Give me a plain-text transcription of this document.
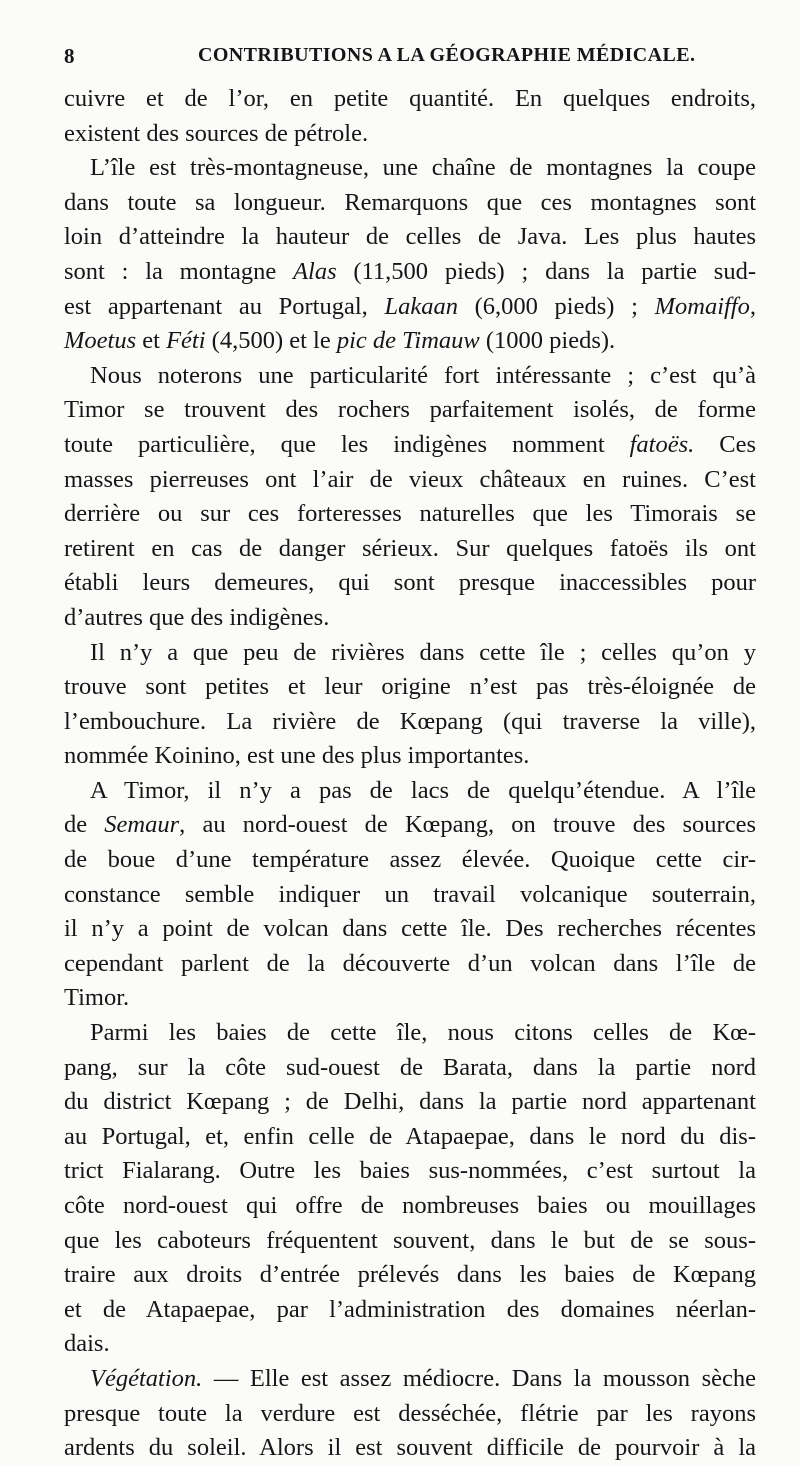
8	CONTRIBUTIONS A LA GÉOGRAPHIE MÉDICALE.
cuivre et de l’or, en petite quantité. En quelques endroits,
existent des sources de pétrole.
L’île est très-montagneuse, une chaîne de montagnes la coupe
dans toute sa longueur. Remarquons que ces montagnes sont
loin d’atteindre la hauteur de celles de Java. Les plus hautes
sont : la montagne Alas (11,500 pieds) ; dans la partie sud-
est appartenant au Portugal, Lakaan (6,000 pieds) ; Momaiffo,
Moetus et Féti (4,500) et le pic de Timauw (1000 pieds).
Nous noterons une particularité fort intéressante ; c’est qu’à
Timor se trouvent des rochers parfaitement isolés, de forme
toute particulière, que les indigènes nomment fatoës. Ces
masses pierreuses ont l’air de vieux châteaux en ruines. C’est
derrière ou sur ces forteresses naturelles que les Timorais se
retirent en cas de danger sérieux. Sur quelques fatoës ils ont
établi leurs demeures, qui sont presque inaccessibles pour
d’autres que des indigènes.
Il n’y a que peu de rivières dans cette île ; celles qu’on y
trouve sont petites et leur origine n’est pas très-éloignée de
l’embouchure. La rivière de Kœpang (qui traverse la ville),
nommée Koinino, est une des plus importantes.
A Timor, il n’y a pas de lacs de quelqu’étendue. A l’île
de Semaur, au nord-ouest de Kœpang, on trouve des sources
de boue d’une température assez élevée. Quoique cette cir-
constance semble indiquer un travail volcanique souterrain,
il n’y a point de volcan dans cette île. Des recherches récentes
cependant parlent de la découverte d’un volcan dans l’île de
Timor.
Parmi les baies de cette île, nous citons celles de Kœ-
pang, sur la côte sud-ouest de Barata, dans la partie nord
du district Kœpang ; de Delhi, dans la partie nord appartenant
au Portugal, et, enfin celle de Atapaepae, dans le nord du dis-
trict Fialarang. Outre les baies sus-nommées, c’est surtout la
côte nord-ouest qui offre de nombreuses baies ou mouillages
que les caboteurs fréquentent souvent, dans le but de se sous-
traire aux droits d’entrée prélevés dans les baies de Kœpang
et de Atapaepae, par l’administration des domaines néerlan-
dais.
Végétation. — Elle est assez médiocre. Dans la mousson sèche
presque toute la verdure est desséchée, flétrie par les rayons
ardents du soleil. Alors il est souvent difficile de pourvoir à la
